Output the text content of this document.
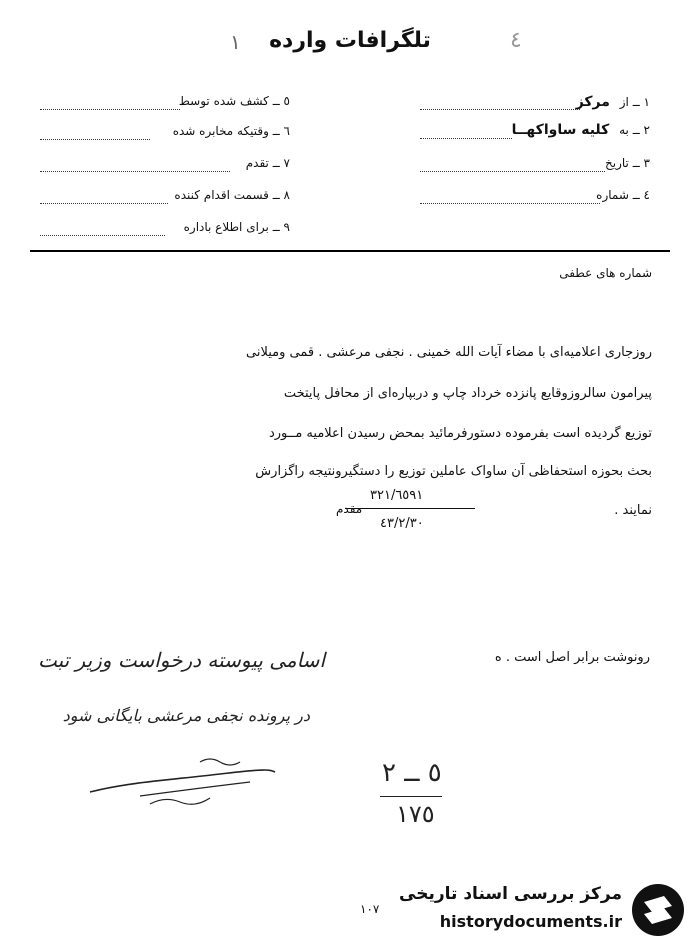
تلگرافات وارده
١	٤
١ ــ از مرکز
٢ ــ به کلیه ساواکهــا
٣ ــ تاریخ
٤ ــ شماره
٥ ــ کشف شده توسط
٦ ــ وقتیکه مخابره شده
٧ ــ تقدم
٨ ــ قسمت اقدام کننده
٩ ــ برای اطلاع باداره
شماره های عطفی
روزجاری اعلامیه‌ای با مضاء آیات الله خمینی . نجفی مرعشی . قمی ومیلانی
پیرامون سالروزوقایع پانزده خرداد چاپ و دربپاره‌ای از محافل پایتخت
توزیع گردیده است بفرموده دستورفرمائید بمحض رسیدن اعلامیه مــورد
بحث بحوزه استحفاظی آن ساواک عاملین توزیع را دستگیرونتیجه راگزارش
نمایند .
٣٢١/٦٥٩١
مقدم
٤٣/٢/٣٠
رونوشت برابر اصل است . ه
اسامی پیوسته درخواست وزیر تبت
در پرونده نجفی مرعشی بایگانی شود
٥ ــ ٢
١٧٥
مرکز بررسی اسناد تاریخی
historydocuments.ir
١٠٧
